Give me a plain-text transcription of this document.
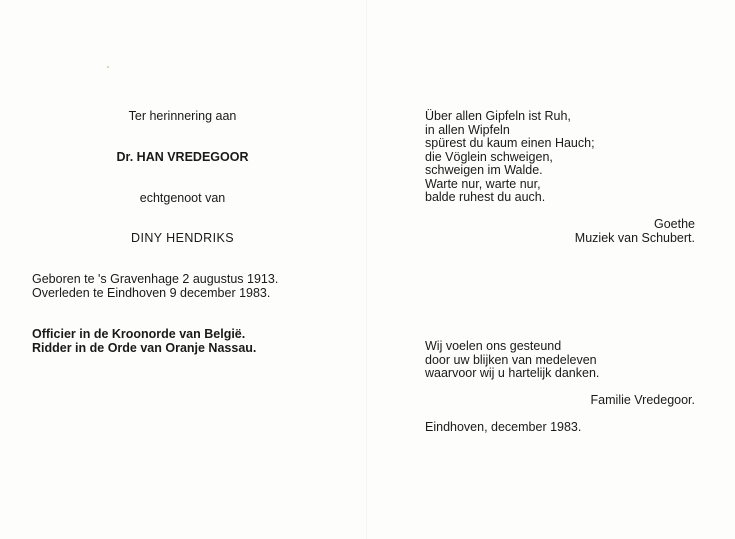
Ter herinnering aan
Dr. HAN VREDEGOOR
echtgenoot van
DINY HENDRIKS
Geboren te 's Gravenhage 2 augustus 1913.
Overleden te Eindhoven 9 december 1983.
Officier in de Kroonorde van België.
Ridder in de Orde van Oranje Nassau.
Über allen Gipfeln ist Ruh,
in allen Wipfeln
spürest du kaum einen Hauch;
die Vöglein schweigen,
schweigen im Walde.
Warte nur, warte nur,
balde ruhest du auch.
Goethe
Muziek van Schubert.
Wij voelen ons gesteund
door uw blijken van medeleven
waarvoor wij u hartelijk danken.
Familie Vredegoor.
Eindhoven, december 1983.
